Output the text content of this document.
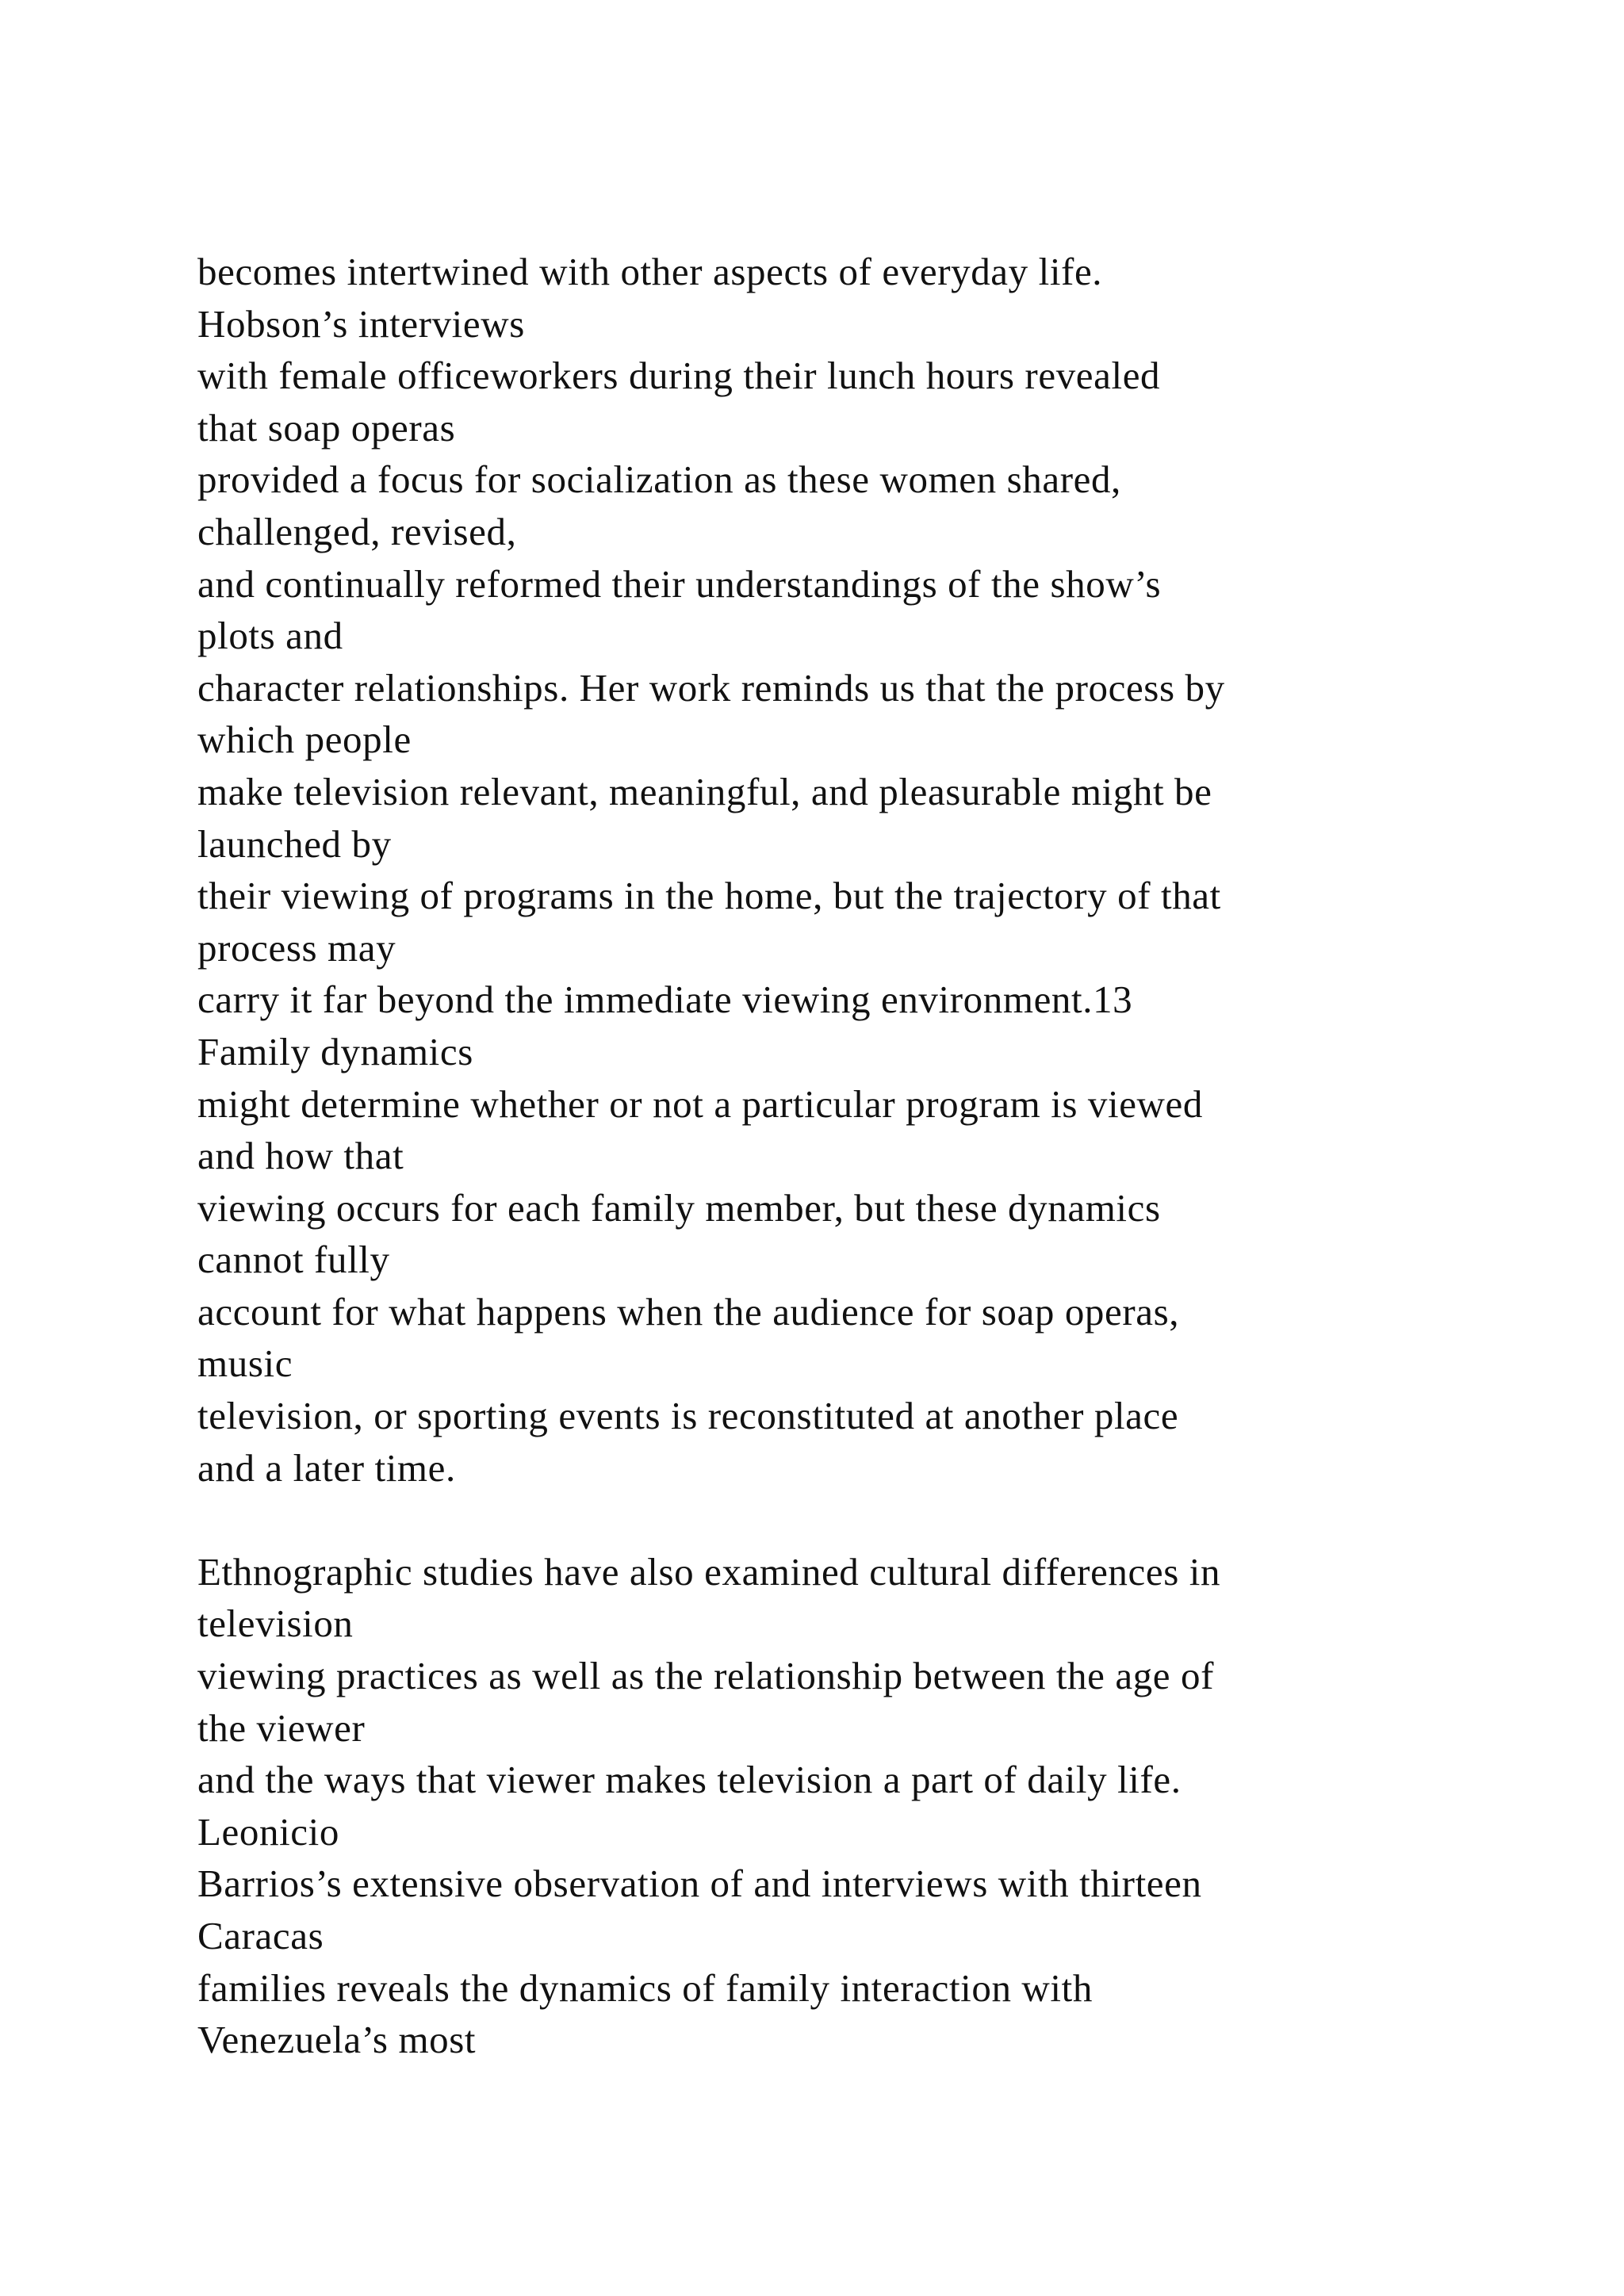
becomes intertwined with other aspects of everyday life.
Hobson’s interviews
with female officeworkers during their lunch hours revealed
that soap operas
provided a focus for socialization as these women shared,
challenged, revised,
and continually reformed their understandings of the show’s
plots and
character relationships. Her work reminds us that the process by
which people
make television relevant, meaningful, and pleasurable might be
launched by
their viewing of programs in the home, but the trajectory of that
process may
carry it far beyond the immediate viewing environment.13
Family dynamics
might determine whether or not a particular program is viewed
and how that
viewing occurs for each family member, but these dynamics
cannot fully
account for what happens when the audience for soap operas,
music
television, or sporting events is reconstituted at another place
and a later time.
Ethnographic studies have also examined cultural differences in
television
viewing practices as well as the relationship between the age of
the viewer
and the ways that viewer makes television a part of daily life.
Leonicio
Barrios’s extensive observation of and interviews with thirteen
Caracas
families reveals the dynamics of family interaction with
Venezuela’s most
